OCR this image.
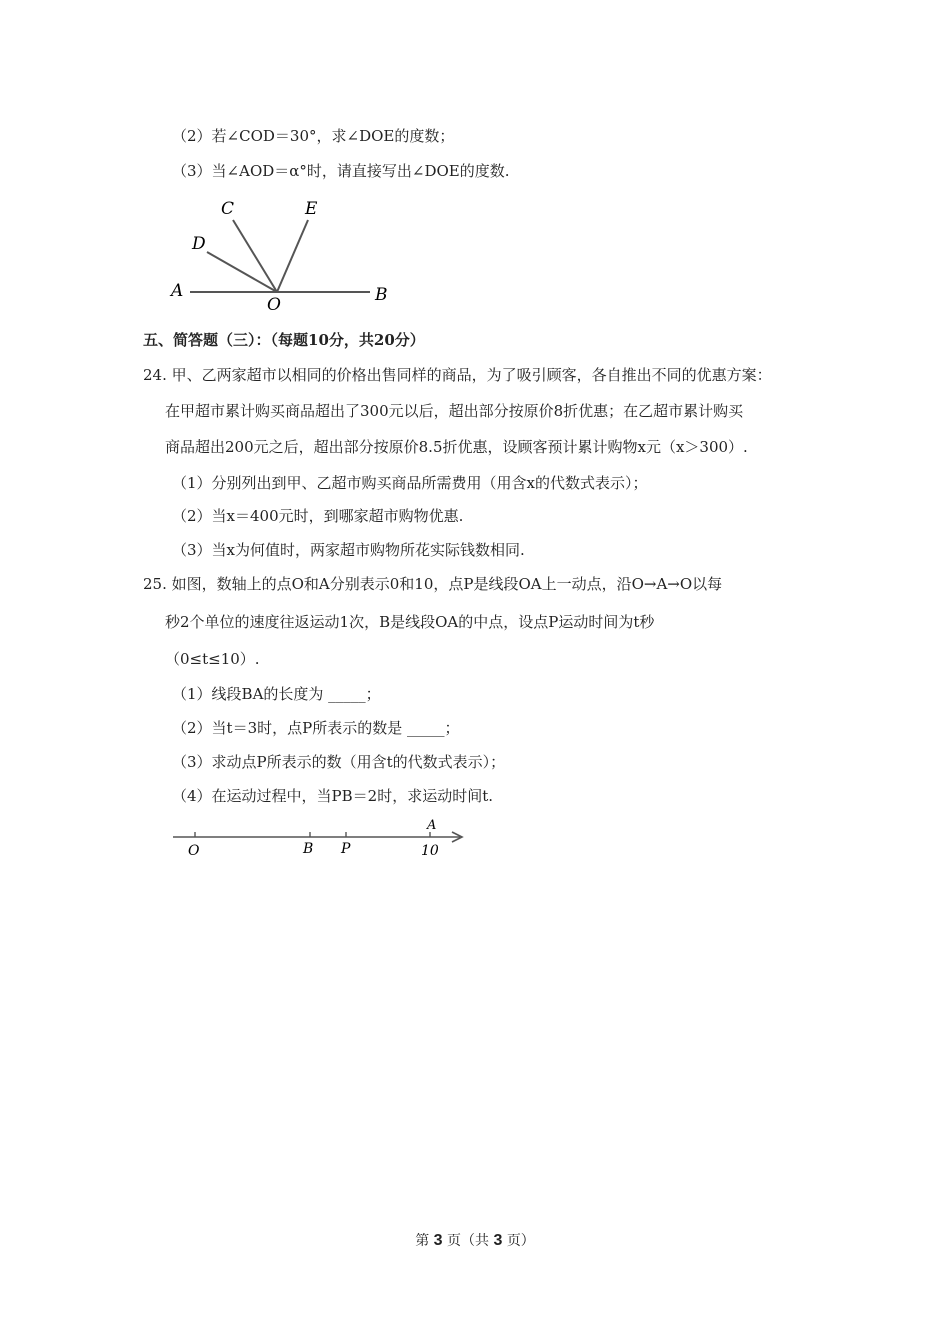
（2）若∠COD＝30°，求∠DOE的度数；
（3）当∠AOD＝α°时，请直接写出∠DOE的度数.
A	B
C
D
E
O
五、简答题（三）：（每题10分，共20分）
24. 甲、乙两家超市以相同的价格出售同样的商品，为了吸引顾客，各自推出不同的优惠方案：
在甲超市累计购买商品超出了300元以后，超出部分按原价8折优惠；在乙超市累计购买
商品超出200元之后，超出部分按原价8.5折优惠，设顾客预计累计购物x元（x＞300）.
（1）分别列出到甲、乙超市购买商品所需费用（用含x的代数式表示）；
（2）当x＝400元时，到哪家超市购物优惠.
（3）当x为何值时，两家超市购物所花实际钱数相同.
25. 如图，数轴上的点O和A分别表示0和10，点P是线段OA上一动点，沿O→A→O以每
秒2个单位的速度往返运动1次，B是线段OA的中点，设点P运动时间为t秒
（0≤t≤10）.
（1）线段BA的长度为 _____；
（2）当t＝3时，点P所表示的数是 _____；
（3）求动点P所表示的数（用含t的代数式表示）；
（4）在运动过程中，当PB＝2时，求运动时间t.
O	B P
A
10
第 3 页（共 3 页）
